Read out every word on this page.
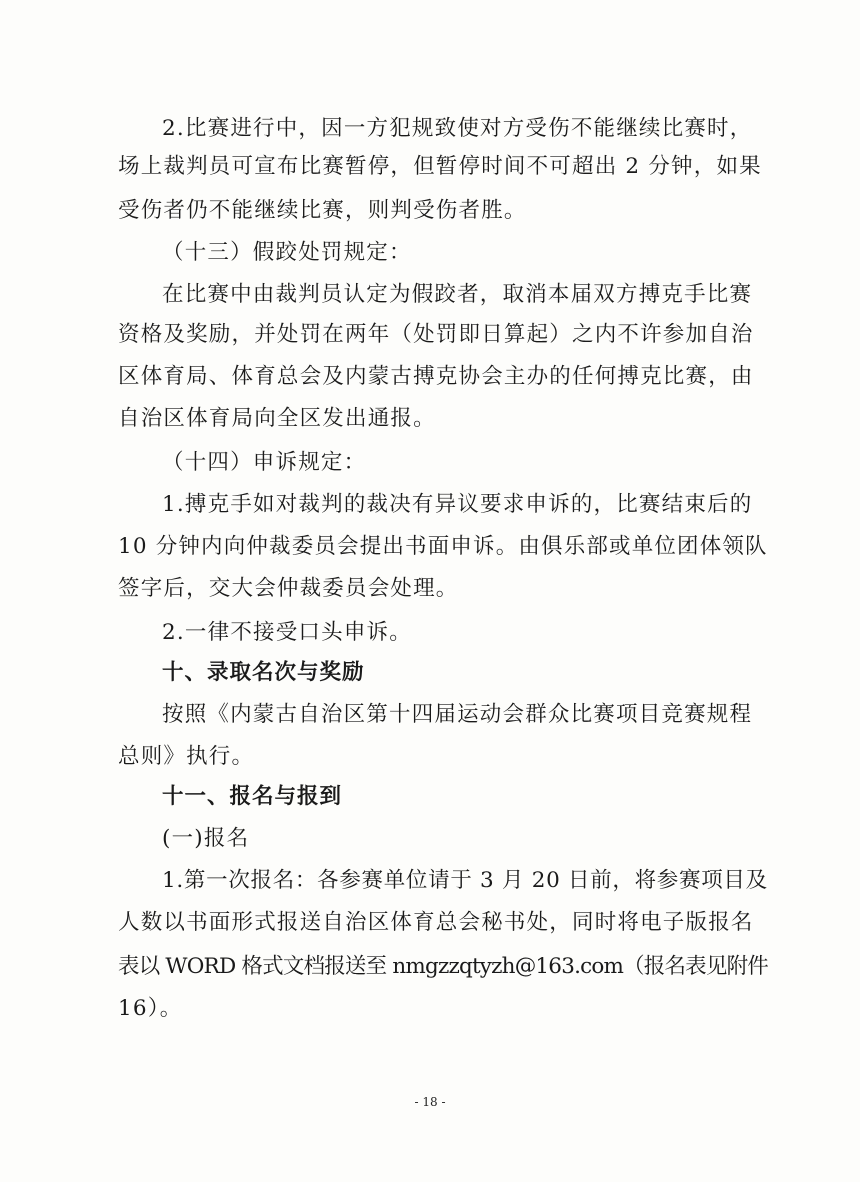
2.比赛进行中，因一方犯规致使对方受伤不能继续比赛时，
场上裁判员可宣布比赛暂停，但暂停时间不可超出 2 分钟，如果
受伤者仍不能继续比赛，则判受伤者胜。
（十三）假跤处罚规定：
在比赛中由裁判员认定为假跤者，取消本届双方搏克手比赛
资格及奖励，并处罚在两年（处罚即日算起）之内不许参加自治
区体育局、体育总会及内蒙古搏克协会主办的任何搏克比赛，由
自治区体育局向全区发出通报。
（十四）申诉规定：
1.搏克手如对裁判的裁决有异议要求申诉的，比赛结束后的
10 分钟内向仲裁委员会提出书面申诉。由俱乐部或单位团体领队
签字后，交大会仲裁委员会处理。
2.一律不接受口头申诉。
十、录取名次与奖励
按照《内蒙古自治区第十四届运动会群众比赛项目竞赛规程
总则》执行。
十一、报名与报到
(一)报名
1.第一次报名：各参赛单位请于 3 月 20 日前，将参赛项目及
人数以书面形式报送自治区体育总会秘书处，同时将电子版报名
表以 WORD 格式文档报送至 nmgzzqtyzh@163.com（报名表见附件
16）。
- 18 -
